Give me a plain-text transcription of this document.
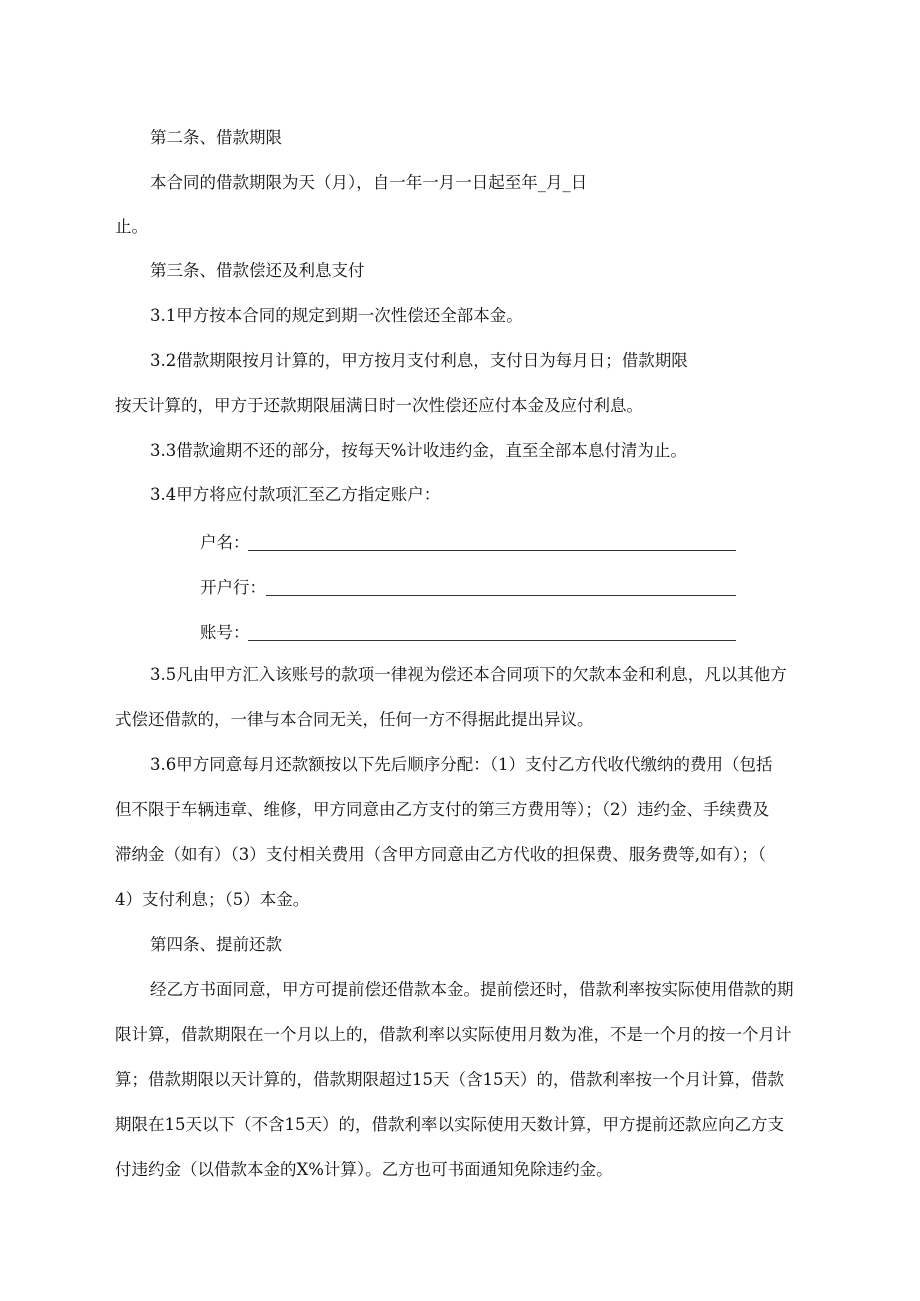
第二条、借款期限
本合同的借款期限为天（月），自一年一月一日起至年_月_日
止。
第三条、借款偿还及利息支付
3.1甲方按本合同的规定到期一次性偿还全部本金。
3.2借款期限按月计算的，甲方按月支付利息，支付日为每月日；借款期限
按天计算的，甲方于还款期限届满日时一次性偿还应付本金及应付利息。
3.3借款逾期不还的部分，按每天%计收违约金，直至全部本息付清为止。
3.4甲方将应付款项汇至乙方指定账户：
户名：
开户行：
账号：
3.5凡由甲方汇入该账号的款项一律视为偿还本合同项下的欠款本金和利息，凡以其他方
式偿还借款的，一律与本合同无关，任何一方不得据此提出异议。
3.6甲方同意每月还款额按以下先后顺序分配：（1）支付乙方代收代缴纳的费用（包括
但不限于车辆违章、维修，甲方同意由乙方支付的第三方费用等）；（2）违约金、手续费及
滞纳金（如有）（3）支付相关费用（含甲方同意由乙方代收的担保费、服务费等,如有）；（
4）支付利息；（5）本金。
第四条、提前还款
经乙方书面同意，甲方可提前偿还借款本金。提前偿还时，借款利率按实际使用借款的期
限计算，借款期限在一个月以上的，借款利率以实际使用月数为准，不是一个月的按一个月计
算；借款期限以天计算的，借款期限超过15天（含15天）的，借款利率按一个月计算，借款
期限在15天以下（不含15天）的，借款利率以实际使用天数计算，甲方提前还款应向乙方支
付违约金（以借款本金的X%计算）。乙方也可书面通知免除违约金。
